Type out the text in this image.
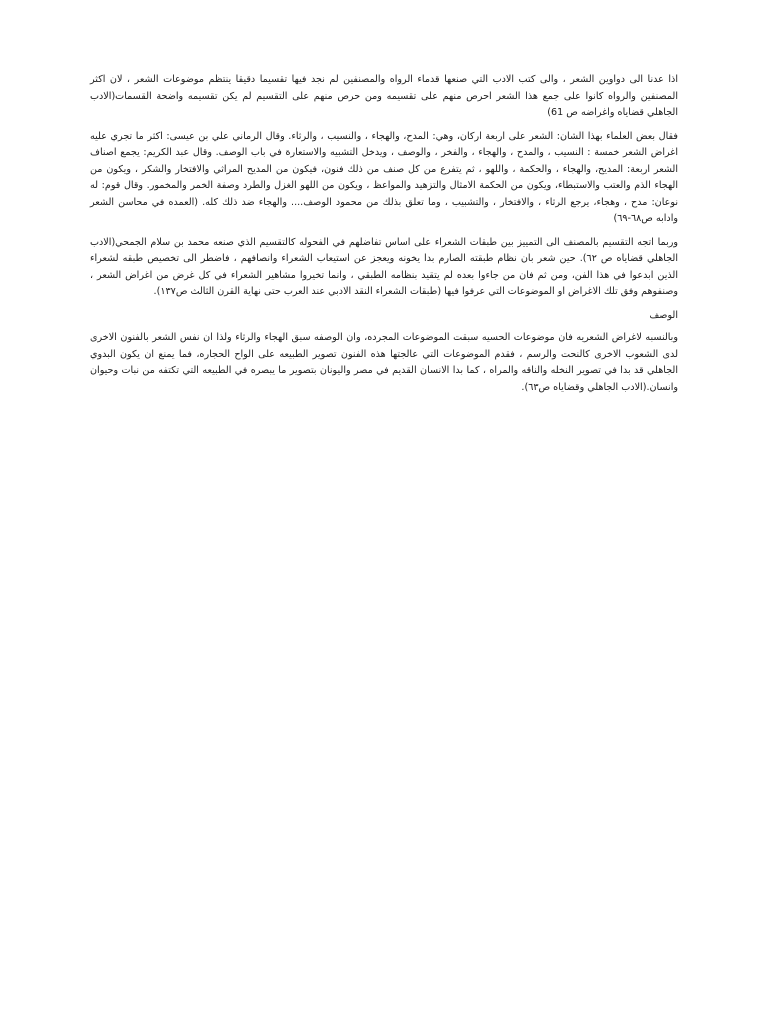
اذا عدنا الى دواوين الشعر ، والى كتب الادب التي صنعها قدماء الرواه والمصنفين لم نجد فيها تقسيما دقيقا ينتظم موضوعات الشعر ، لان اكثر المصنفين والرواه كانوا على جمع هذا الشعر احرص منهم على تقسيمه ومن حرص منهم على التقسيم لم يكن تقسيمه واضحة القسمات(الادب الجاهلي قضاياه واغراضه ص 61)

فقال بعض العلماء بهذا الشان: الشعر على اربعة اركان، وهي: المدح، والهجاء ، والنسيب ، والرثاء. وقال الرماني علي بن عيسى: اكثر ما تجري عليه اغراض الشعر خمسة : النسيب ، والمدح ، والهجاء ، والفخر ، والوصف ، ويدخل التشبيه والاستعارة في باب الوصف. وقال عبد الكريم: يجمع اصناف الشعر اربعة: المديح، والهجاء ، والحكمة ، واللهو ، ثم يتفرع من كل صنف من ذلك فنون، فيكون من المديح المراثي والافتخار والشكر ، ويكون من الهجاء الذم والعتب والاستبطاء، ويكون من الحكمة الامثال والتزهيد والمواعظ ، ويكون من اللهو الغزل والطرد وصفة الخمر والمخمور. وقال قوم: له نوعان: مدح ، وهجاء، يرجع الرثاء ، والافتخار ، والتشبيب ، وما تعلق بذلك من محمود الوصف.... والهجاء ضد ذلك كله. (العمده في محاسن الشعر وادابه ص٦٨-٦٩)

وربما اتجه التقسيم بالمصنف الى التمييز بين طبقات الشعراء على اساس تفاضلهم في الفحوله كالتقسيم الذي صنعه محمد بن سلام الجمحي(الادب الجاهلي قضاياه ص ٦٢). حين شعر بان نظام طبقته الصارم بدا يخونه ويعجز عن استيعاب الشعراء وانصافهم ، فاضطر الى تخصيص طبقه لشعراء الذين ابدعوا في هذا الفن، ومن ثم فان من جاءوا بعده لم يتقيد بنظامه الطبقي ، وانما تخيروا مشاهير الشعراء في كل غرض من اغراض الشعر ، وصنفوهم وفق تلك الاغراض او الموضوعات التي عرفوا فيها (طبقات الشعراء النقد الادبي عند العرب حتى نهاية القرن الثالث ص١٣٧).

الوصف

وبالنسبه لاغراض الشعريه فان موضوعات الحسيه سبقت الموضوعات المجرده، وان الوصفه سبق الهجاء والرثاء ولذا ان نفس الشعر بالفنون الاخرى لدى الشعوب الاخرى كالنحت والرسم ، فقدم الموضوعات التي عالجتها هذه الفنون تصوير الطبيعه على الواح الحجاره، فما يمنع ان يكون البدوي الجاهلي قد بدا في تصوير النخله والناقه والمراه ، كما بدا الانسان القديم في مصر واليونان بتصوير ما يبصره في الطبيعه التي تكتفه من نبات وحيوان وانسان.(الادب الجاهلي وقضاياه ص٦٣).
